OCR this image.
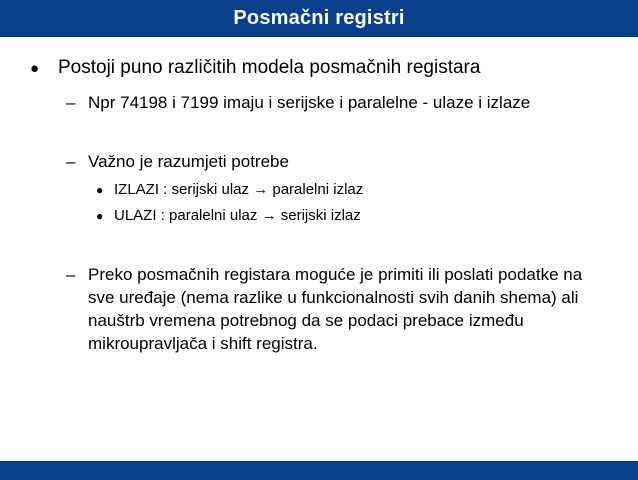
Posmačni registri
● Postoji puno različitih modela posmačnih registara
– Npr 74198 i 7199 imaju i serijske i paralelne - ulaze i izlaze
– Važno je razumjeti potrebe
● IZLAZI : serijski ulaz → paralelni izlaz
● ULAZI : paralelni ulaz → serijski izlaz
– Preko posmačnih registara moguće je primiti ili poslati podatke na sve uređaje (nema razlike u funkcionalnosti svih danih shema) ali nauštrb vremena potrebnog da se podaci prebace između mikroupravljača i shift registra.
